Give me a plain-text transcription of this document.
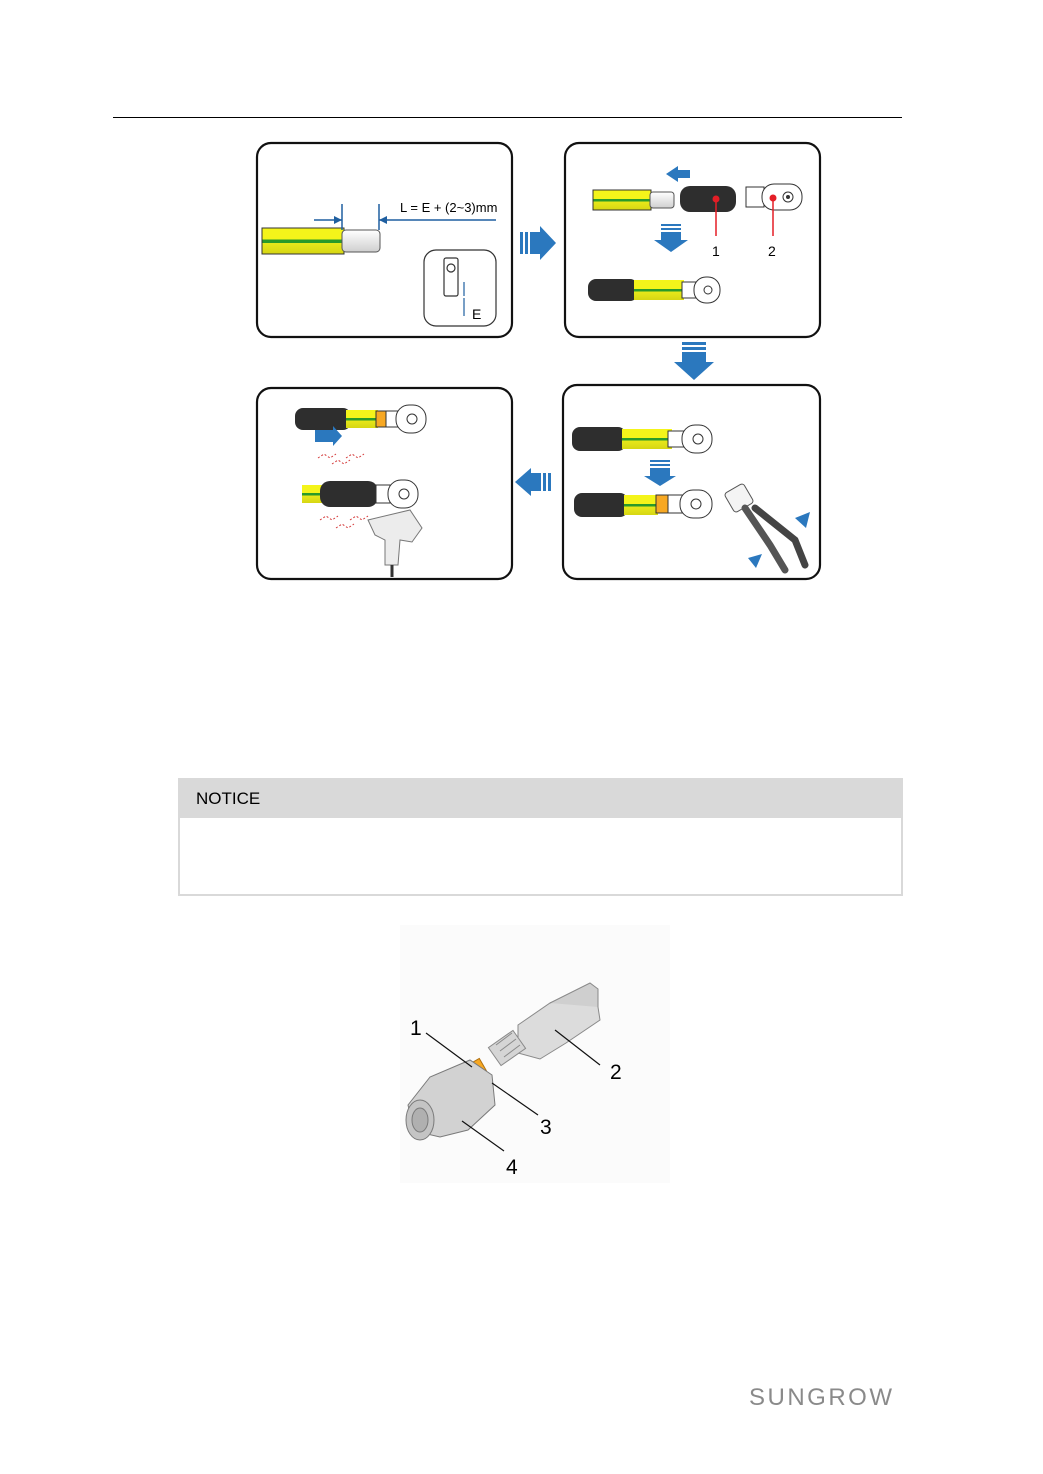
L = E + (2~3)mm
E
1	2
NOTICE
1
2
3
4
SUNGROW
